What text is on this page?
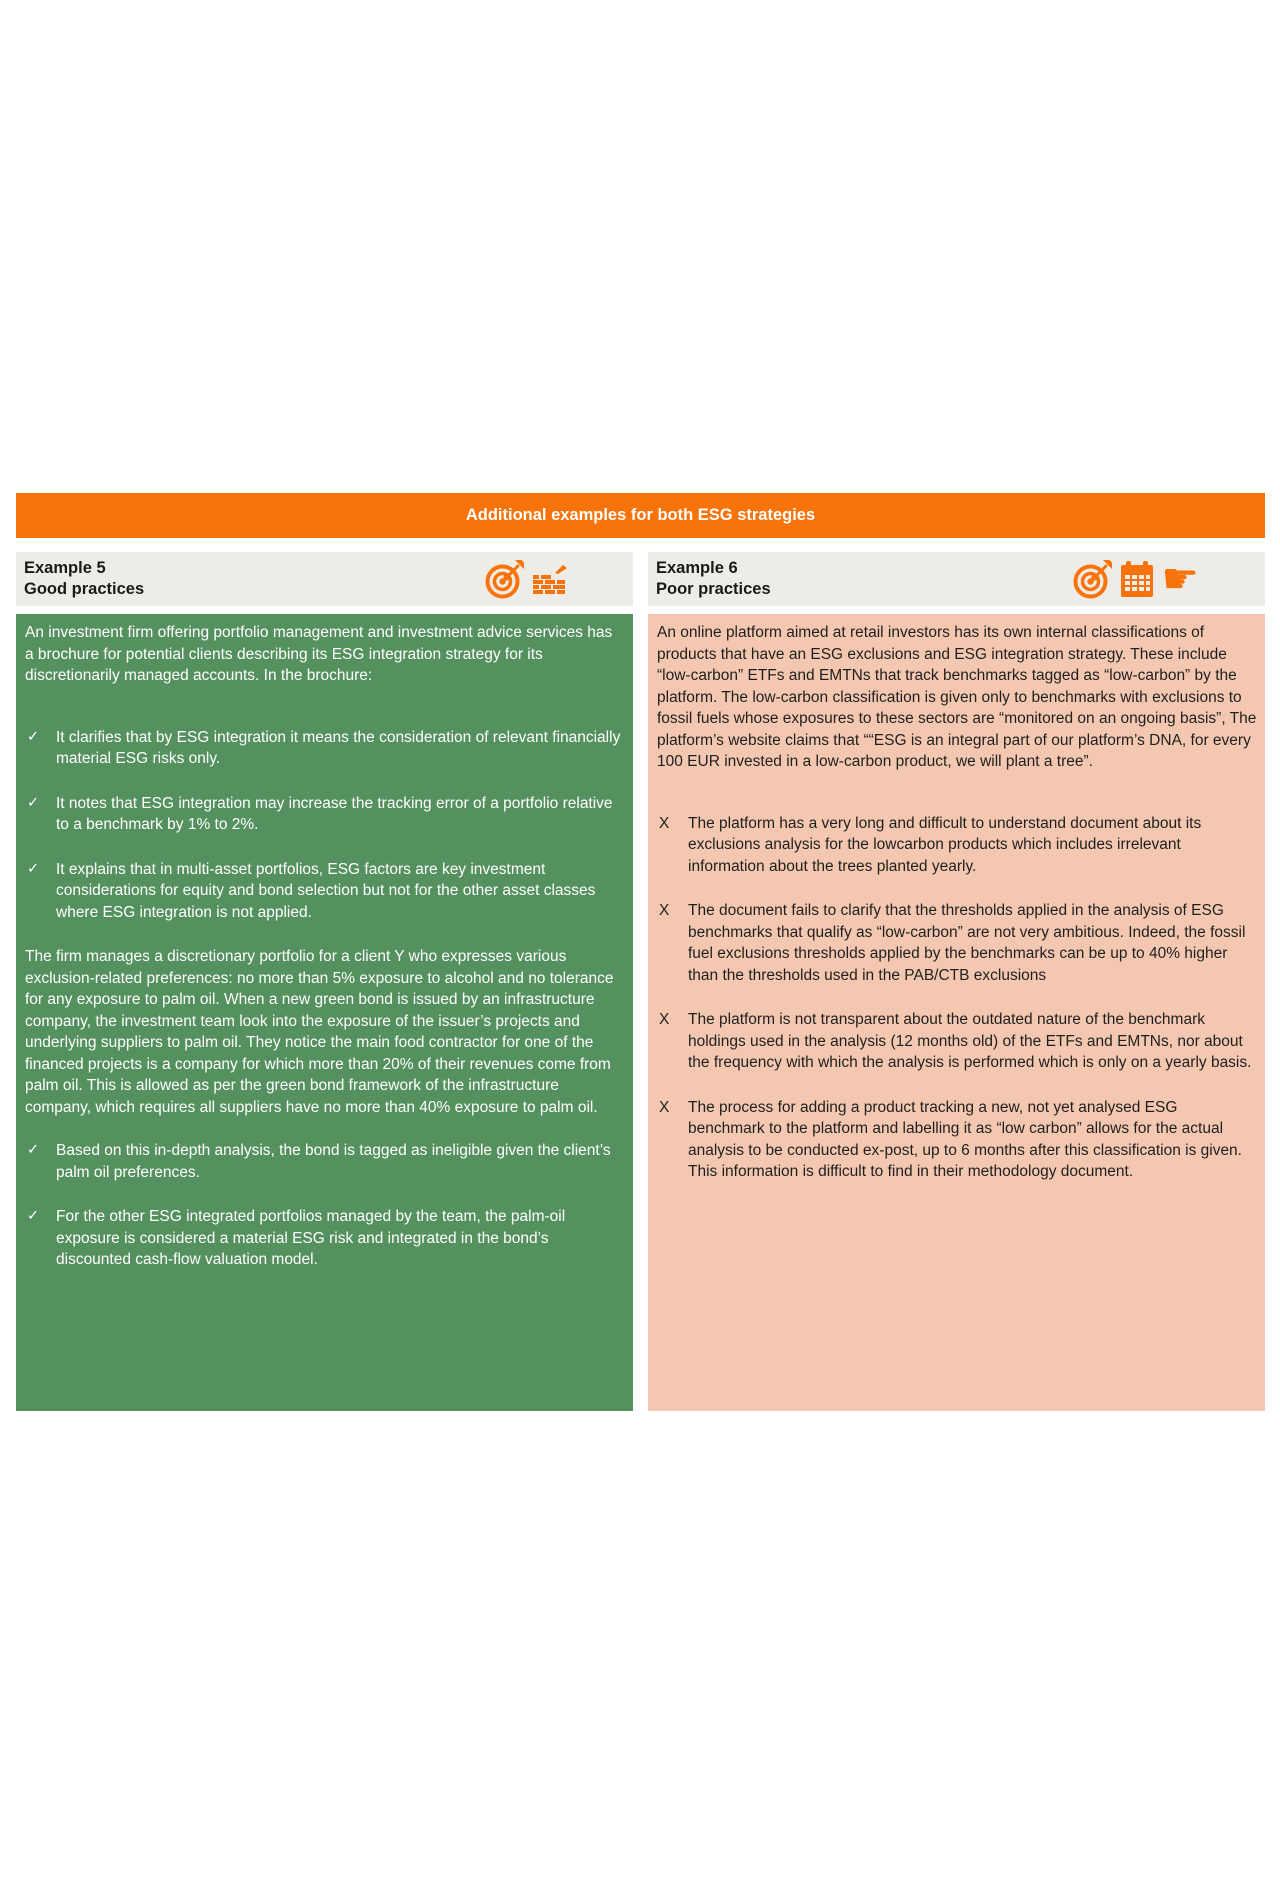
Additional examples for both ESG strategies
Example 5
Good practices

An investment firm offering portfolio management and investment advice services has a brochure for potential clients describing its ESG integration strategy for its discretionarily managed accounts. In the brochure:

✓	It clarifies that by ESG integration it means the consideration of relevant financially material ESG risks only.
✓	It notes that ESG integration may increase the tracking error of a portfolio relative to a benchmark by 1% to 2%.
✓	It explains that in multi-asset portfolios, ESG factors are key investment considerations for equity and bond selection but not for the other asset classes where ESG integration is not applied.

The firm manages a discretionary portfolio for a client Y who expresses various exclusion-related preferences: no more than 5% exposure to alcohol and no tolerance for any exposure to palm oil. When a new green bond is issued by an infrastructure company, the investment team look into the exposure of the issuer’s projects and underlying suppliers to palm oil. They notice the main food contractor for one of the financed projects is a company for which more than 20% of their revenues come from palm oil. This is allowed as per the green bond framework of the infrastructure company, which requires all suppliers have no more than 40% exposure to palm oil.

✓	Based on this in-depth analysis, the bond is tagged as ineligible given the client’s palm oil preferences.
✓	For the other ESG integrated portfolios managed by the team, the palm-oil exposure is considered a material ESG risk and integrated in the bond’s discounted cash-flow valuation model.
Example 6
Poor practices	☛

An online platform aimed at retail investors has its own internal classifications of products that have an ESG exclusions and ESG integration strategy. These include “low-carbon” ETFs and EMTNs that track benchmarks tagged as “low-carbon” by the platform. The low-carbon classification is given only to benchmarks with exclusions to fossil fuels whose exposures to these sectors are “monitored on an ongoing basis”, The platform’s website claims that ““ESG is an integral part of our platform’s DNA, for every 100 EUR invested in a low-carbon product, we will plant a tree”.

X	The platform has a very long and difficult to understand document about its exclusions analysis for the lowcarbon products which includes irrelevant information about the trees planted yearly.
X	The document fails to clarify that the thresholds applied in the analysis of ESG benchmarks that qualify as “low-carbon” are not very ambitious. Indeed, the fossil fuel exclusions thresholds applied by the benchmarks can be up to 40% higher than the thresholds used in the PAB/CTB exclusions
X	The platform is not transparent about the outdated nature of the benchmark holdings used in the analysis (12 months old) of the ETFs and EMTNs, nor about the frequency with which the analysis is performed which is only on a yearly basis.
X	The process for adding a product tracking a new, not yet analysed ESG benchmark to the platform and labelling it as “low carbon” allows for the actual analysis to be conducted ex-post, up to 6 months after this classification is given. This information is difficult to find in their methodology document.
